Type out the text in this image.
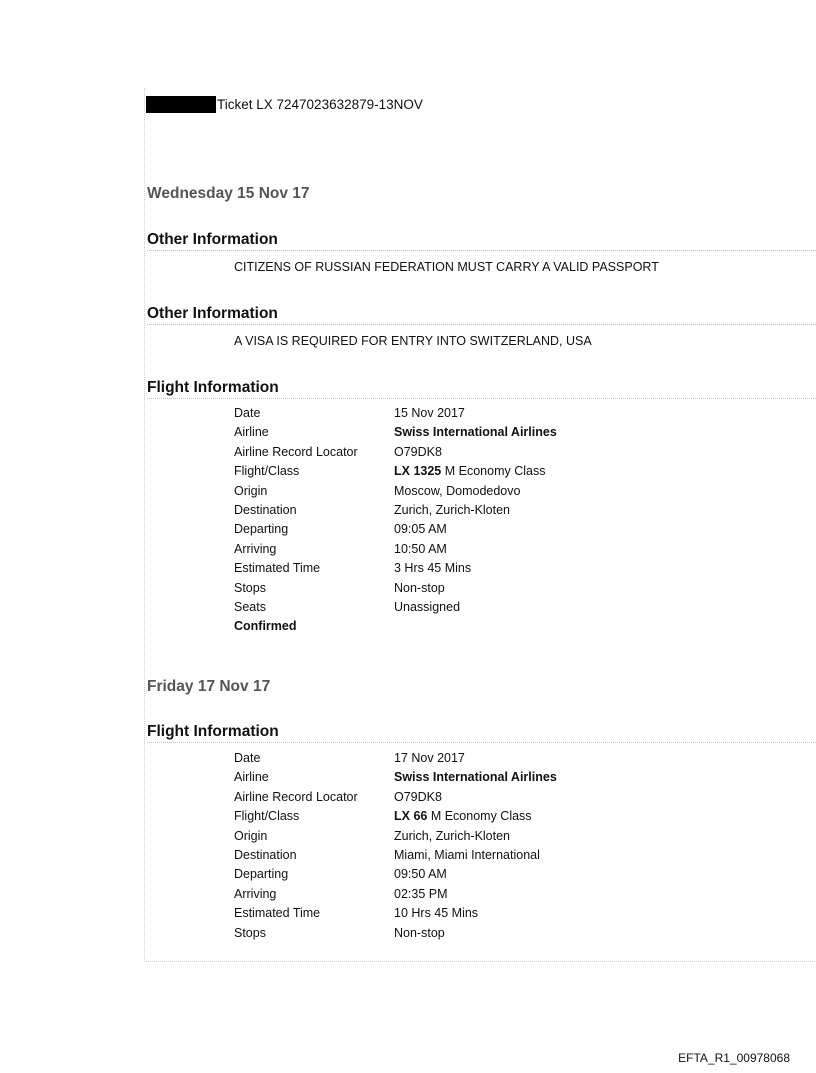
Ticket LX 7247023632879-13NOV
Wednesday 15 Nov 17
Other Information
CITIZENS OF RUSSIAN FEDERATION MUST CARRY A VALID PASSPORT
Other Information
A VISA IS REQUIRED FOR ENTRY INTO SWITZERLAND, USA
Flight Information
Date	15 Nov 2017
Airline	Swiss International Airlines
Airline Record Locator	O79DK8
Flight/Class	LX 1325 M Economy Class
Origin	Moscow, Domodedovo
Destination	Zurich, Zurich-Kloten
Departing	09:05 AM
Arriving	10:50 AM
Estimated Time	3 Hrs 45 Mins
Stops	Non-stop
Seats	Unassigned
Confirmed
Friday 17 Nov 17
Flight Information
Date	17 Nov 2017
Airline	Swiss International Airlines
Airline Record Locator	O79DK8
Flight/Class	LX 66 M Economy Class
Origin	Zurich, Zurich-Kloten
Destination	Miami, Miami International
Departing	09:50 AM
Arriving	02:35 PM
Estimated Time	10 Hrs 45 Mins
Stops	Non-stop
EFTA_R1_00978068
